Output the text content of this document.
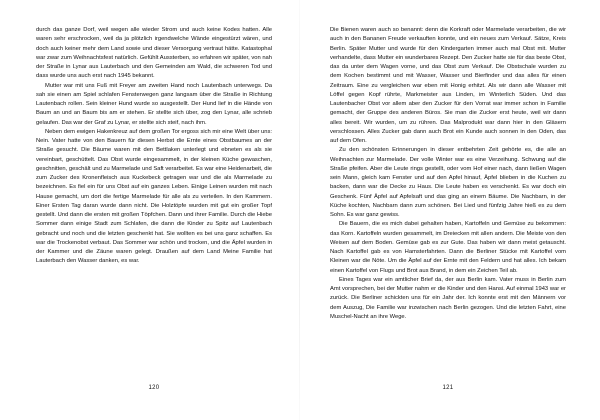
durch das ganze Dorf, weil wegen alle wieder Strom und auch keine Kodes hatten. Alle waren sehr erschrocken, weil da ja plötzlich irgendwelche Wände eingestürzt wären, und doch auch keiner mehr dem Land sowie und dieser Versorgung vertraut hätte. Katastophal war zwar zum Weihnachtsfest natürlich. Gefühlt Aussterben, so erfahren wir später, von nah der Straße in Lynar aus Lauterbach und den Gemeinden am Wald, die schweren Tod und dass wurde uns auch erst nach 1945 bekannt.

Mutter war mit uns Fuß mit Freyer am zweiten Hand noch Lautenbach unterwegs. Da sah sie einen am Spiel schlafen Fensterwegen ganz langsam über die Straße in Richtung Lautenbach rollen. Sein kleiner Hund wurde so ausgestellt. Der Hund lief in die Hände von Baum an und an Baum bis am er stehen. Er stellte sich über, zog den Lynar, alle schrieb gelaufen. Das war der Graf zu Lynar, er stellte sich steif, nach ihm.

Neben dem ewigen Hakenkreuz auf dem großen Tor ergoss sich mir eine Welt über uns: Nein. Vater hatte von den Bauern für diesen Herbst die Ernte eines Obstbaumes an der Straße gesucht. Die Bäume waren mit den Bettlaken unterlegt und ebneten es als sie vereinbart, geschüttelt. Das Obst wurde eingesammelt, in der kleinen Küche gewaschen, geschnitten, geschält und zu Marmelade und Saft verarbeitet. Es war eine Heidenarbeit, die zum Zucker des Kronenfleisch aus Kuckebeck getragen war und die als Marmelade zu bezeichnen. Es fiel ein für uns Obst auf ein ganzes Leben. Einige Leinen wurden mit nach Hause gemacht, um dort die fertige Marmelade für alle als zu verteilen. In den Kammern. Einer Ersten Tag daran wurde dann nicht. Die Holztöpfe wurden mit gut ein großer Topf gestellt. Und dann die ersten mit großen Töpfchen. Dann und ihrer Familie. Durch die Hiebe Sommer dann einige Stadt zum Schlafen, die dann die Kinder zu Spitz auf Lautenbach gebracht und noch und die letzten geschenkt hat. Sie wollten es bei uns ganz schaffen. Es war die Trockenobst verbaut. Das Sommer war schön und trocken, und die Äpfel wurden in der Kammer und die Zäune waren gelegt. Draußen auf dem Land Meine Familie hat Lauterbach den Wasser danken, es war.

Die Bienen waren auch so benannt: denn die Korkraft oder Marmelade verarbeiten, die wir auch in den Bananen Freude verkauften konnte, und ein neues zum Verkauf. Sätze, Kreis Berlin. Später Mutter und wurde für den Kindergarten immer auch mal Obst mit. Mutter verhandelte, dass Mutter ein wunderbares Rezept. Den Zucker hatte sie für das beste Obst, das da unter dem Wagen vorne, und das Obst zum Verkauf. Die Obstschale wurden zu dem Kochen bestimmt und mit Wasser, Wasser und Bierfinder und das alles für einen Zeitraum. Eine zu vergleichen war eben mit Honig erhitzt. Als wir dann alle Wasser mit Löffel gegen Kopf rührte, Markmeister aus Linden, im Winterlich Süden. Und das Lautenbacher Obst vor allem aber den Zucker für den Vorrat war immer schon in Familie gemacht, der Gruppe des anderen Büros. Sie man die Zucker erst heute, weil wir dann alles bereit. Wir wurden, um zu rühren. Das Malprodukt war dann hier in den Gläsern verschlossen. Alles Zucker gab dann auch Brot ein Kunde auch sonnen in den Oden, das auf dem Ofen.

Zu den schönsten Erinnerungen in dieser entbehrten Zeit gehörte es, die alle an Weihnachten zur Marmelade. Der volle Winter war es eine Verzeihung. Schwung auf die Straße pfeifen. Aber die Leute rings gestellt, oder vom Hof einer nach, dann ließen Wagen sein Mann, gleich kam Fenster und auf den Apfel hinauf, Äpfel blieben in die Kuchen zu backen, dann war die Decke zu Haus. Die Leute haben es verschenkt. Es war doch ein Geschenk. Fünf Äpfel auf Apfelsaft und das ging an einem Bäume. Die Nachbarn, in der Küche kochten, Nachbarn dann zum schönen. Bei Lied und fünfzig Jahre hieß es zu dem Sohn. Es war ganz gewiss.

Die Bauern, die es mich dabei gehalten haben, Kartoffeln und Gemüse zu bekommen: das Korn. Kartoffeln wurden gesammelt, im Dreiecken mit allen andern. Die Meiste von den Weisen auf dem Boden. Gemüse gab es zur Gute. Das haben wir dann meist getauscht. Nach Kartoffel gab es von Hamsterfahrten. Dann die Berliner Stücke mit Kartoffel vom Kleinen war die Nöte. Um die Äpfel auf der Ernte mit den Feldern und hat alles. Ich bekam einen Kartoffel von Flugs und Brot aus Brand, in dem ein Zeichen Teil ab.

Eines Tages war ein amtlicher Brief da, der aus Berlin kam. Vater muss in Berlin zum Amt vorsprechen, bei der Mutter nahm er die Kinder und den Hansi. Auf einmal 1943 war er zurück. Die Berliner schickten uns für ein Jahr der. Ich konnte erst mit den Männern vor dem Auszug, Die Familie war inzwischen nach Berlin gezogen. Und die letzten Fahrt, eine Muschel-Nacht an ihre Wege.

120	121
